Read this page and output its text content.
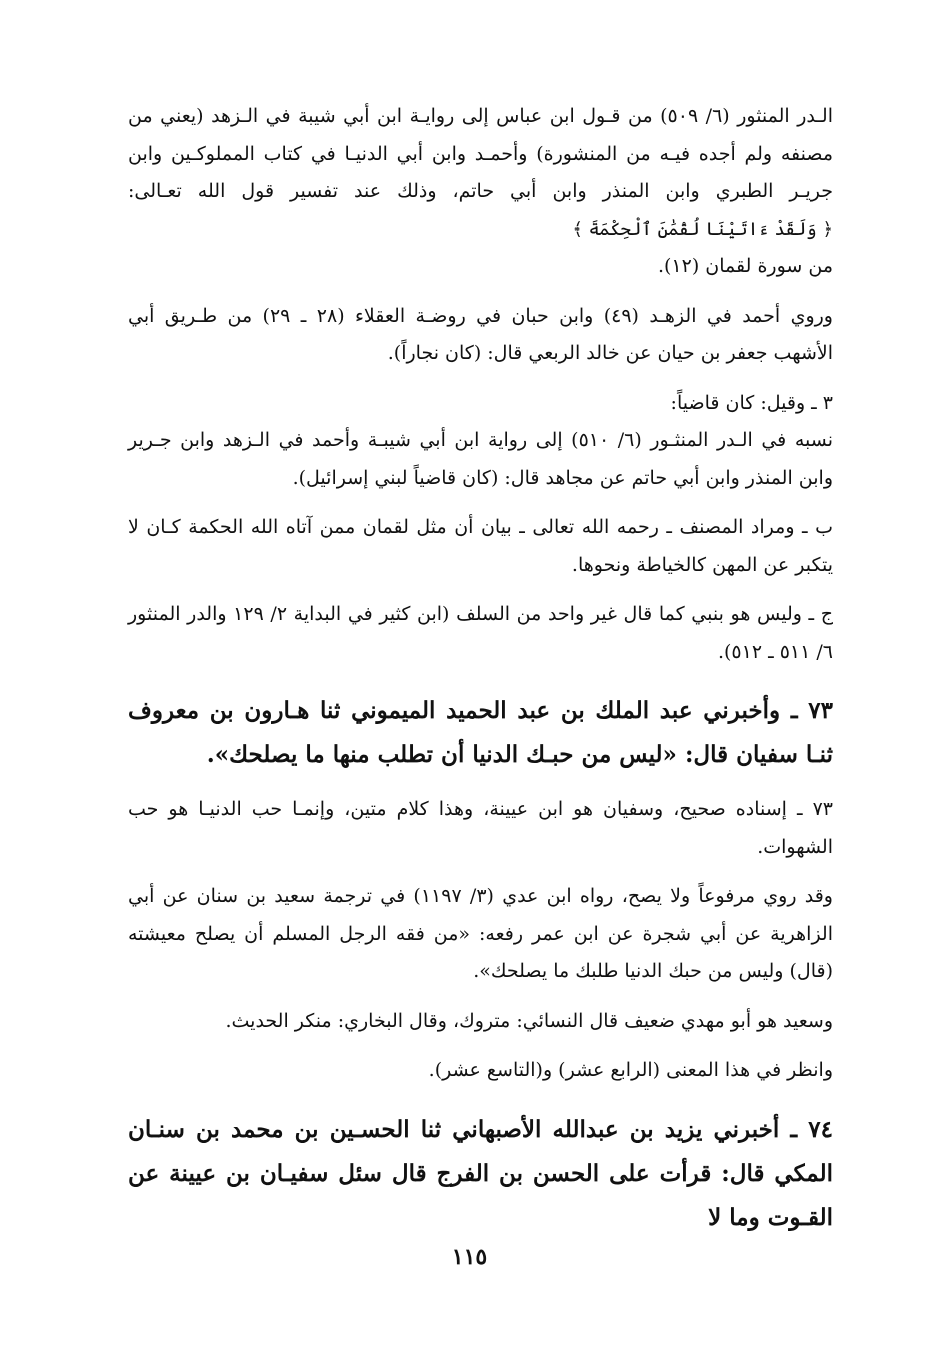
الـدر المنثور (٦/ ٥٠٩) من قـول ابن عباس إلى روايـة ابن أبي شيبة في الـزهد (يعني من مصنفه ولم أجده فيـه من المنشورة) وأحمـد وابن أبي الدنيـا في كتاب المملوكـين وابن جريـر الطبري وابن المنذر وابن أبي حاتم، وذلك عند تفسير قول الله تعـالى: ﴿ وَلَقَدْ ءَاتَيْنَا لُقْمَٰنَ ٱلْحِكْمَةَ ﴾
من سورة لقمان (١٢).
وروي أحمد في الزهـد (٤٩) وابن حبان في روضـة العقلاء (٢٨ ـ ٢٩) من طـريق أبي الأشهب جعفر بن حيان عن خالد الربعي قال: (كان نجاراً).
٣ ـ وقيل: كان قاضياً:
نسبه في الـدر المنثـور (٦/ ٥١٠) إلى رواية ابن أبي شيبـة وأحمد في الـزهد وابن جـرير وابن المنذر وابن أبي حاتم عن مجاهد قال: (كان قاضياً لبني إسرائيل).
ب ـ ومراد المصنف ـ رحمه الله تعالى ـ بيان أن مثل لقمان ممن آتاه الله الحكمة كـان لا يتكبر عن المهن كالخياطة ونحوها.
ج ـ وليس هو بنبي كما قال غير واحد من السلف (ابن كثير في البداية ٢/ ١٢٩ والدر المنثور ٦/ ٥١١ ـ ٥١٢).
٧٣ ـ وأخبرني عبد الملك بن عبد الحميد الميموني ثنا هـارون بن معروف ثنـا سفيان قال: «ليس من حبـك الدنيا أن تطلب منها ما يصلحك».
٧٣ ـ إسناده صحيح، وسفيان هو ابن عيينة، وهذا كلام متين، وإنمـا حب الدنيـا هو حب الشهوات.
وقد روي مرفوعاً ولا يصح، رواه ابن عدي (٣/ ١١٩٧) في ترجمة سعيد بن سنان عن أبي الزاهرية عن أبي شجرة عن ابن عمر رفعه: «من فقه الرجل المسلم أن يصلح معيشته (قال) وليس من حبك الدنيا طلبك ما يصلحك».
وسعيد هو أبو مهدي ضعيف قال النسائي: متروك، وقال البخاري: منكر الحديث.
وانظر في هذا المعنى (الرابع عشر) و(التاسع عشر).
٧٤ ـ أخبرني يزيد بن عبدالله الأصبهاني ثنا الحسـين بن محمد بن سنـان المكي قال: قرأت على الحسن بن الفرج قال سئل سفيـان بن عيينة عن القـوت وما لا
١١٥
